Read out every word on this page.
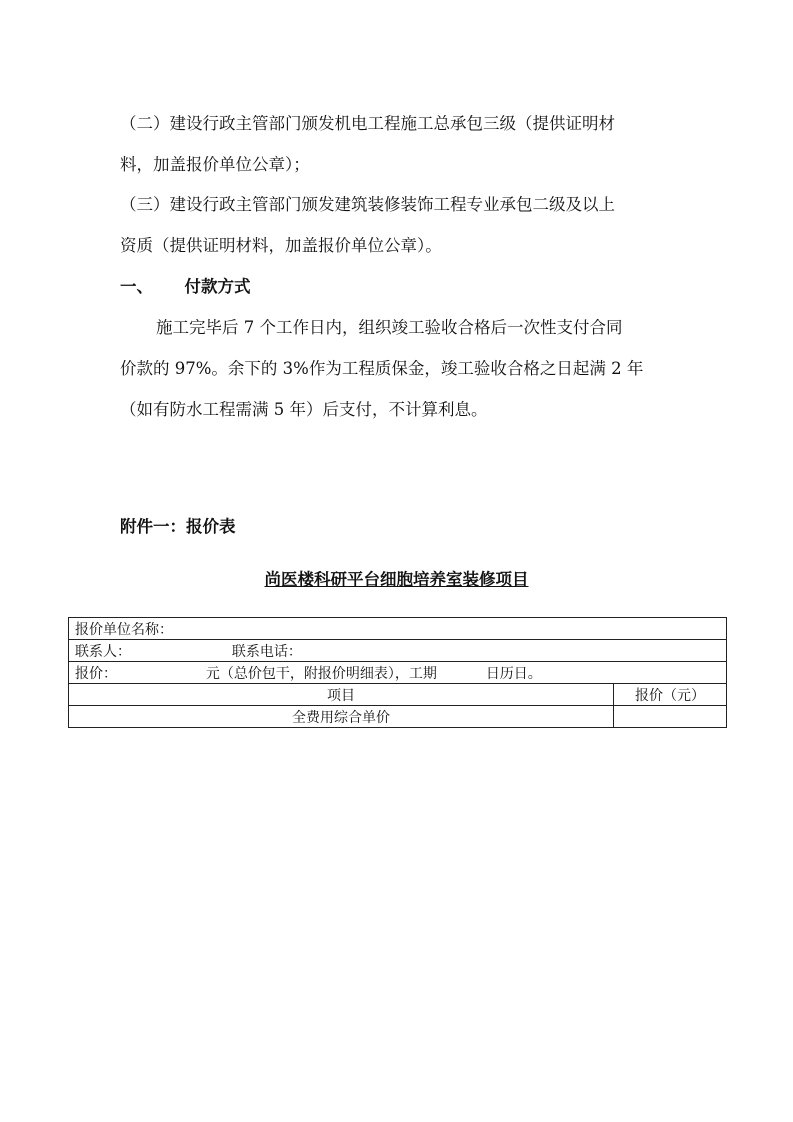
（二）建设行政主管部门颁发机电工程施工总承包三级（提供证明材
料，加盖报价单位公章）；
（三）建设行政主管部门颁发建筑装修装饰工程专业承包二级及以上
资质（提供证明材料，加盖报价单位公章）。
一、 付款方式
施工完毕后 7 个工作日内，组织竣工验收合格后一次性支付合同
价款的 97%。余下的 3%作为工程质保金，竣工验收合格之日起满 2 年
（如有防水工程需满 5 年）后支付，不计算利息。
附件一：报价表
尚医楼科研平台细胞培养室装修项目
报价单位名称：	
联系人： 联系电话：	
报价： 元（总价包干，附报价明细表），工期 日历日。	
项目	报价（元）
全费用综合单价	
